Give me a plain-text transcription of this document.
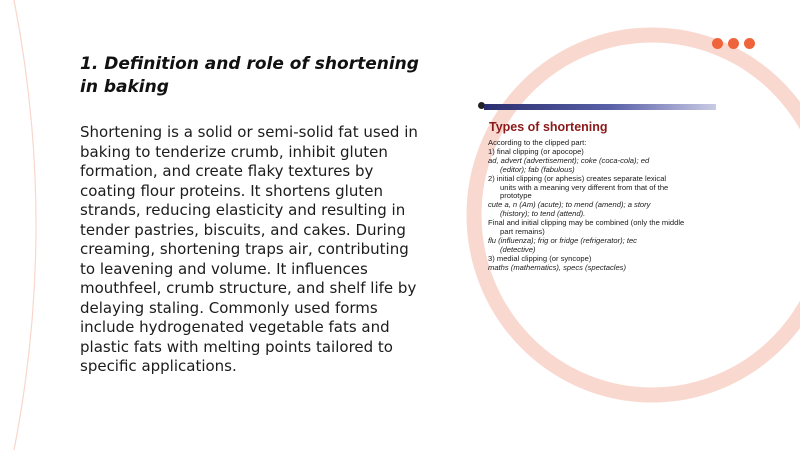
1. Definition and role of shortening in baking

Shortening is a solid or semi-solid fat used in baking to tenderize crumb, inhibit gluten formation, and create flaky textures by coating flour proteins. It shortens gluten strands, reducing elasticity and resulting in tender pastries, biscuits, and cakes. During creaming, shortening traps air, contributing to leavening and volume. It influences mouthfeel, crumb structure, and shelf life by delaying staling. Commonly used forms include hydrogenated vegetable fats and plastic fats with melting points tailored to specific applications.

Types of shortening
According to the clipped part:
1) final clipping (or apocope)
ad, advert (advertisement); coke (coca-cola); ed
(editor); fab (fabulous)
2) initial clipping (or aphesis) creates separate lexical
units with a meaning very different from that of the
prototype
cute a, n (Am) (acute); to mend (amend); a story
(history); to tend (attend).
Final and initial clipping may be combined (only the middle
part remains)
flu (influenza); frig or fridge (refrigerator); tec
(detective)
3) medial clipping (or syncope)
maths (mathematics), specs (spectacles)
